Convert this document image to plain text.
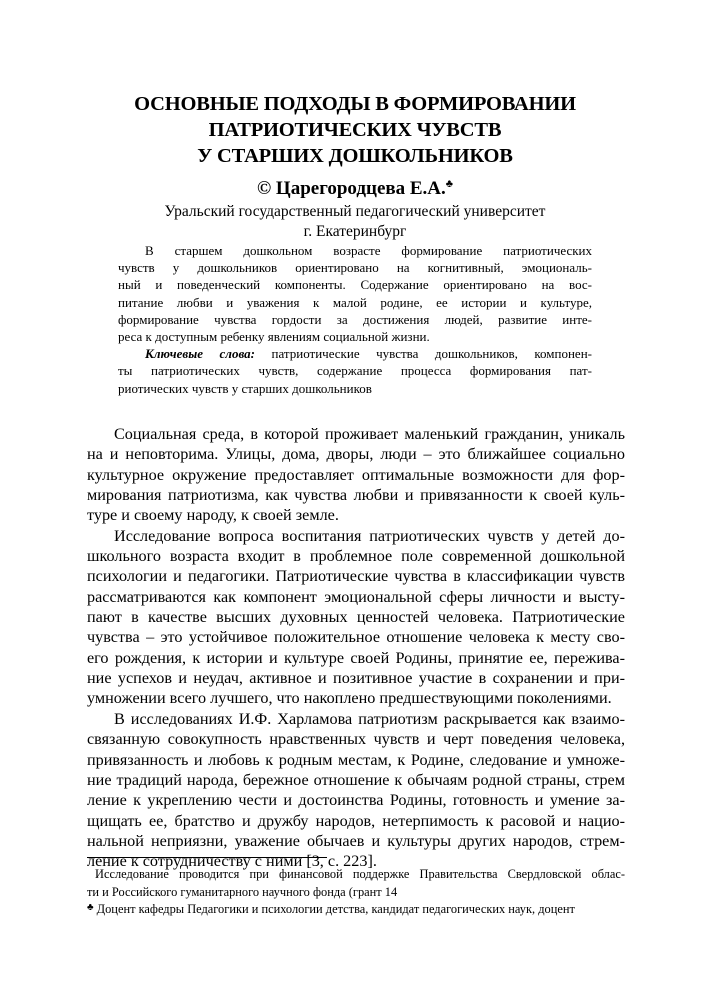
ОСНОВНЫЕ ПОДХОДЫ В ФОРМИРОВАНИИ
ПАТРИОТИЧЕСКИХ ЧУВСТВ
У СТАРШИХ ДОШКОЛЬНИКОВ
© Царегородцева Е.А.♣
Уральский государственный педагогический университет
г. Екатеринбург
В старшем дошкольном возрасте формирование патриотических
чувств у дошкольников ориентировано на когнитивный, эмоциональ-
ный и поведенческий компоненты. Содержание ориентировано на вос-
питание любви и уважения к малой родине, ее истории и культуре,
формирование чувства гордости за достижения людей, развитие инте-
реса к доступным ребенку явлениям социальной жизни.
Ключевые слова: патриотические чувства дошкольников, компонен-
ты патриотических чувств, содержание процесса формирования пат-
риотических чувств у старших дошкольников
Социальная среда, в которой проживает маленький гражданин, уникаль
на и неповторима. Улицы, дома, дворы, люди – это ближайшее социально
культурное окружение предоставляет оптимальные возможности для фор-
мирования патриотизма, как чувства любви и привязанности к своей куль-
туре и своему народу, к своей земле.
Исследование вопроса воспитания патриотических чувств у детей до-
школьного возраста входит в проблемное поле современной дошкольной
психологии и педагогики. Патриотические чувства в классификации чувств
рассматриваются как компонент эмоциональной сферы личности и высту-
пают в качестве высших духовных ценностей человека. Патриотические
чувства – это устойчивое положительное отношение человека к месту сво-
его рождения, к истории и культуре своей Родины, принятие ее, пережива-
ние успехов и неудач, активное и позитивное участие в сохранении и при-
умножении всего лучшего, что накоплено предшествующими поколениями.
В исследованиях И.Ф. Харламова патриотизм раскрывается как взаимо-
связанную совокупность нравственных чувств и черт поведения человека,
привязанность и любовь к родным местам, к Родине, следование и умноже-
ние традиций народа, бережное отношение к обычаям родной страны, стрем
ление к укреплению чести и достоинства Родины, готовность и умение за-
щищать ее, братство и дружбу народов, нетерпимость к расовой и нацио-
нальной неприязни, уважение обычаев и культуры других народов, стрем-
ление к сотрудничеству с ними [3, с. 223].
Исследование проводится при финансовой поддержке Правительства Свердловской облас-
ти и Российского гуманитарного научного фонда (грант 14
♣ Доцент кафедры Педагогики и психологии детства, кандидат педагогических наук, доцент
